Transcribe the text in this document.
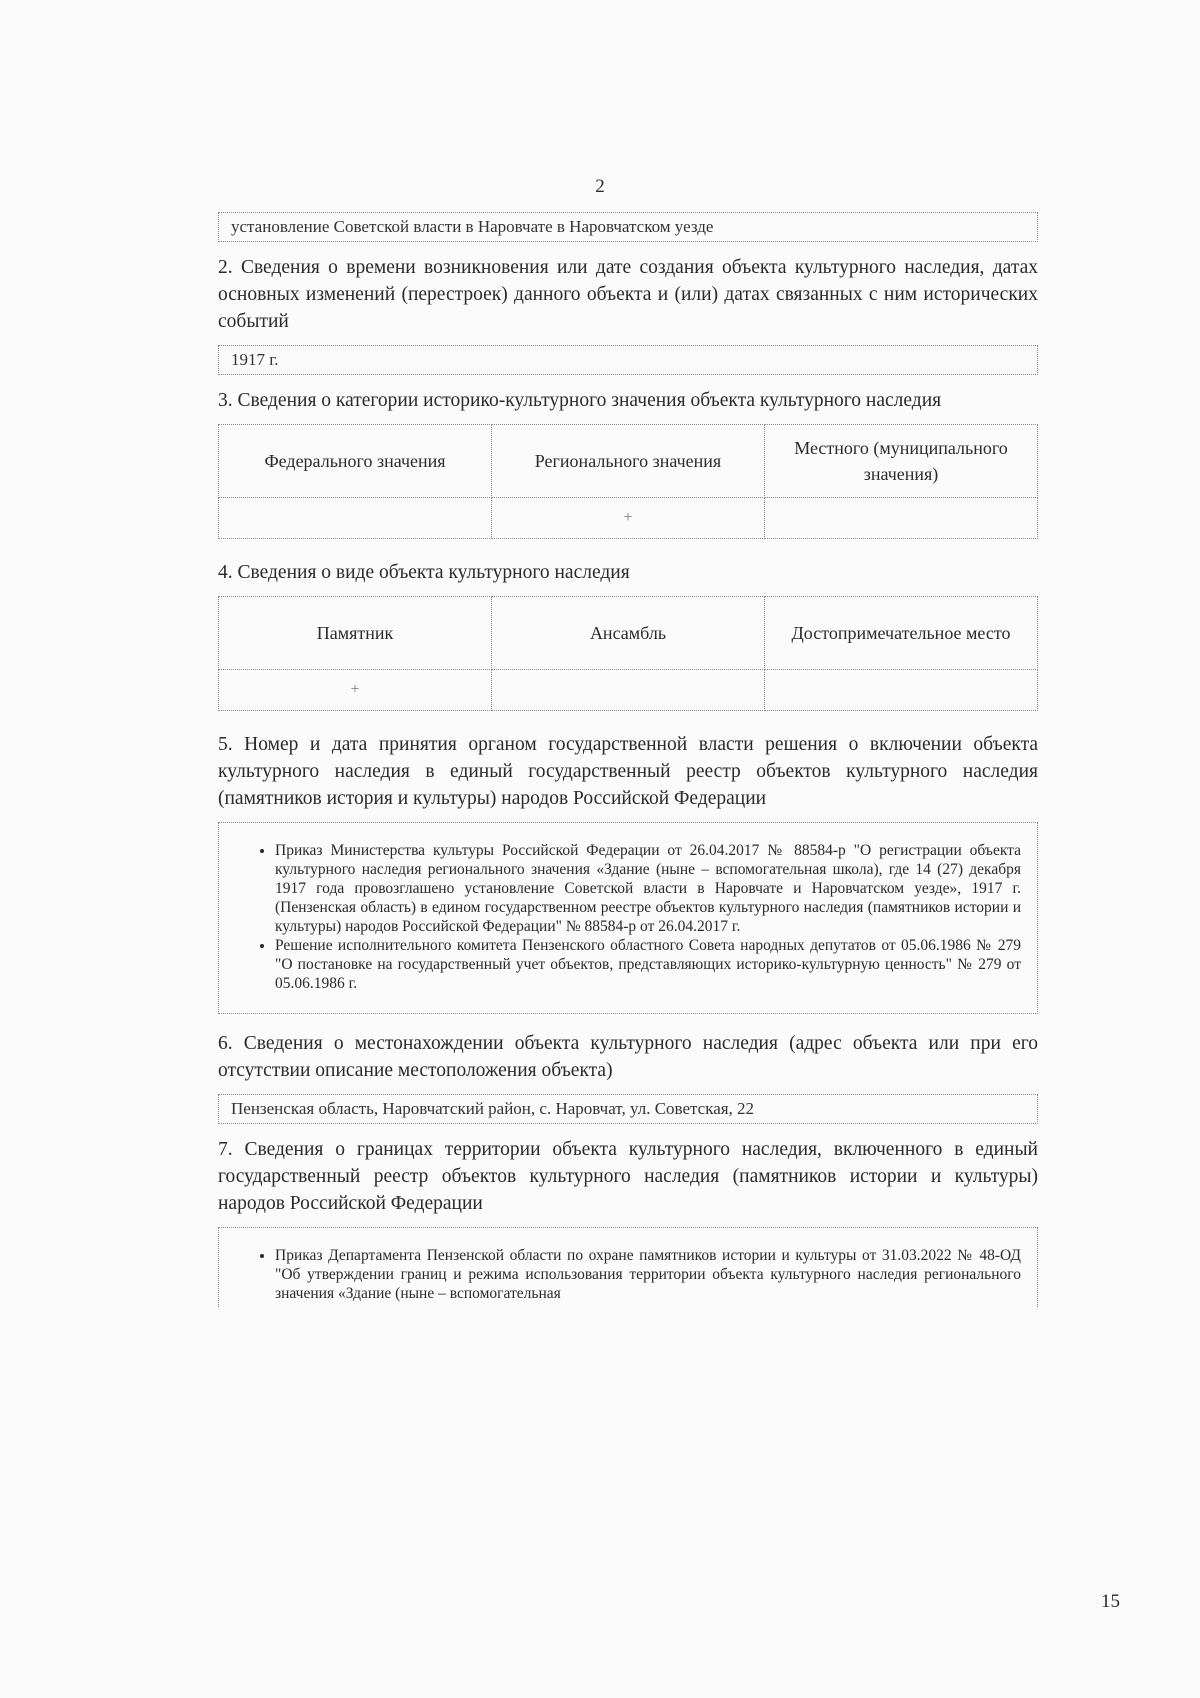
2
установление Советской власти в Наровчате в Наровчатском уезде

2. Сведения о времени возникновения или дате создания объекта культурного наследия, датах основных изменений (перестроек) данного объекта и (или) датах связанных с ним исторических событий

1917 г.

3. Сведения о категории историко-культурного значения объекта культурного наследия

Федерального значения	Регионального значения	Местного (муниципального значения)
	+	

4. Сведения о виде объекта культурного наследия

Памятник	Ансамбль	Достопримечательное место
+		

5. Номер и дата принятия органом государственной власти решения о включении объекта культурного наследия в единый государственный реестр объектов культурного наследия (памятников история и культуры) народов Российской Федерации

• Приказ Министерства культуры Российской Федерации от 26.04.2017 № 88584-р "О регистрации объекта культурного наследия регионального значения «Здание (ныне – вспомогательная школа), где 14 (27) декабря 1917 года провозглашено установление Советской власти в Наровчате и Наровчатском уезде», 1917 г. (Пензенская область) в едином государственном реестре объектов культурного наследия (памятников истории и культуры) народов Российской Федерации" № 88584-р от 26.04.2017 г.
• Решение исполнительного комитета Пензенского областного Совета народных депутатов от 05.06.1986 № 279 "О постановке на государственный учет объектов, представляющих историко-культурную ценность" № 279 от 05.06.1986 г.

6. Сведения о местонахождении объекта культурного наследия (адрес объекта или при его отсутствии описание местоположения объекта)

Пензенская область, Наровчатский район, с. Наровчат, ул. Советская, 22

7. Сведения о границах территории объекта культурного наследия, включенного в единый государственный реестр объектов культурного наследия (памятников истории и культуры) народов Российской Федерации

• Приказ Департамента Пензенской области по охране памятников истории и культуры от 31.03.2022 № 48-ОД "Об утверждении границ и режима использования территории объекта культурного наследия регионального значения «Здание (ныне – вспомогательная
15
